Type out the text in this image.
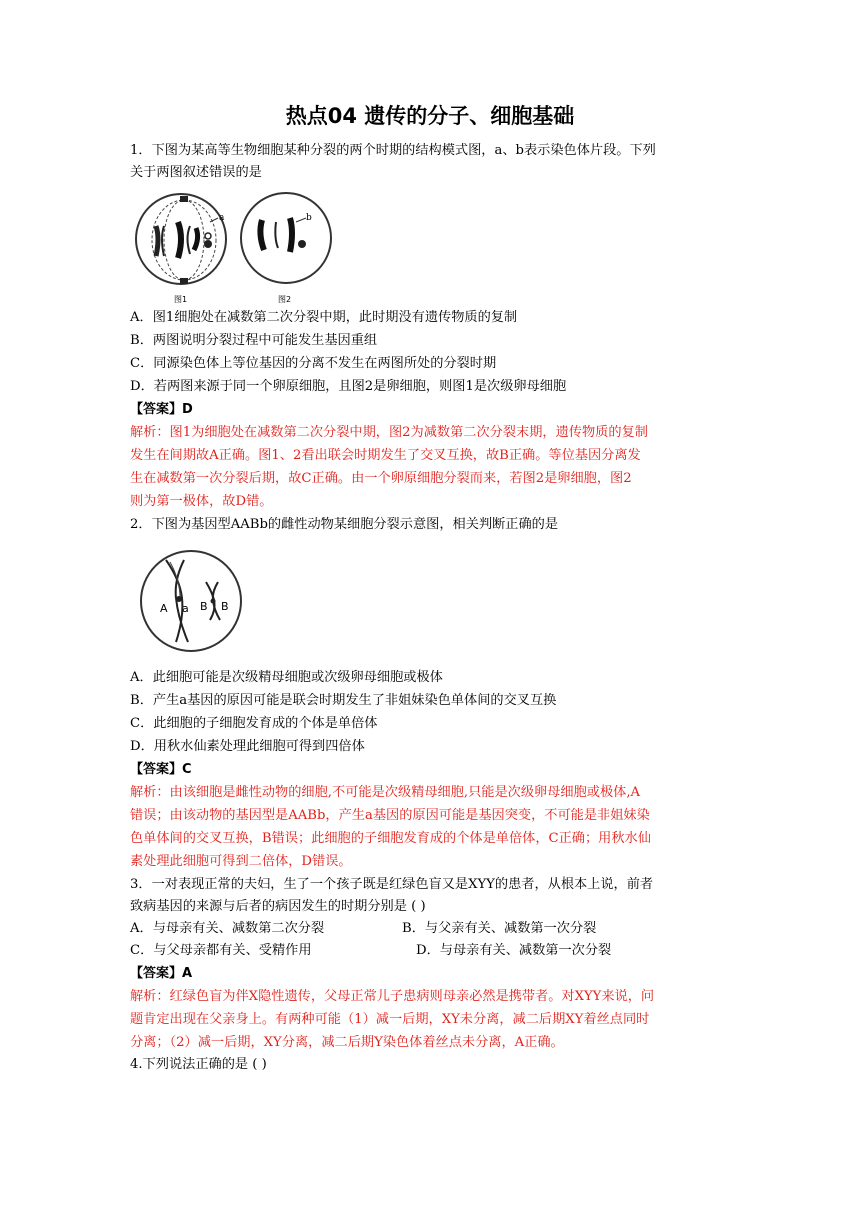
热点04 遗传的分子、细胞基础
1．下图为某高等生物细胞某种分裂的两个时期的结构模式图，a、b表示染色体片段。下列
关于两图叙述错误的是
a
图1
b
图2
A．图1细胞处在减数第二次分裂中期，此时期没有遗传物质的复制
B．两图说明分裂过程中可能发生基因重组
C．同源染色体上等位基因的分离不发生在两图所处的分裂时期
D．若两图来源于同一个卵原细胞，且图2是卵细胞，则图1是次级卵母细胞
【答案】D
解析：图1为细胞处在减数第二次分裂中期，图2为减数第二次分裂末期，遗传物质的复制
发生在间期故A正确。图1、2看出联会时期发生了交叉互换，故B正确。等位基因分离发
生在减数第一次分裂后期，故C正确。由一个卵原细胞分裂而来，若图2是卵细胞，图2
则为第一极体，故D错。
2．下图为基因型AABb的雌性动物某细胞分裂示意图，相关判断正确的是
A a B B
A．此细胞可能是次级精母细胞或次级卵母细胞或极体
B．产生a基因的原因可能是联会时期发生了非姐妹染色单体间的交叉互换
C．此细胞的子细胞发育成的个体是单倍体
D．用秋水仙素处理此细胞可得到四倍体
【答案】C
解析：由该细胞是雌性动物的细胞,不可能是次级精母细胞,只能是次级卵母细胞或极体,A
错误；由该动物的基因型是AABb，产生a基因的原因可能是基因突变，不可能是非姐妹染
色单体间的交叉互换，B错误；此细胞的子细胞发育成的个体是单倍体，C正确；用秋水仙
素处理此细胞可得到二倍体，D错误。
3．一对表现正常的夫妇，生了一个孩子既是红绿色盲又是XYY的患者，从根本上说，前者
致病基因的来源与后者的病因发生的时期分别是 ( )
A．与母亲有关、减数第二次分裂	B．与父亲有关、减数第一次分裂
C．与父母亲都有关、受精作用	D．与母亲有关、减数第一次分裂
【答案】A
解析：红绿色盲为伴X隐性遗传，父母正常儿子患病则母亲必然是携带者。对XYY来说，问
题肯定出现在父亲身上。有两种可能（1）减一后期，XY未分离，减二后期XY着丝点同时
分离；（2）减一后期，XY分离，减二后期Y染色体着丝点未分离，A正确。
4.下列说法正确的是 ( )
